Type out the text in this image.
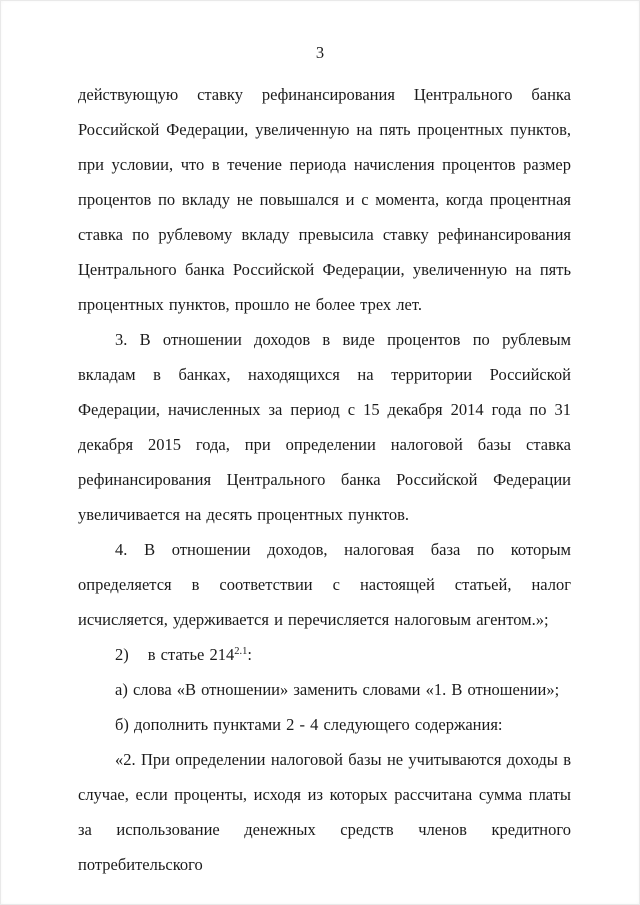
3

действующую ставку рефинансирования Центрального банка Российской Федерации, увеличенную на пять процентных пунктов, при условии, что в течение периода начисления процентов размер процентов по вкладу не повышался и с момента, когда процентная ставка по рублевому вкладу превысила ставку рефинансирования Центрального банка Российской Федерации, увеличенную на пять процентных пунктов, прошло не более трех лет.

3. В отношении доходов в виде процентов по рублевым вкладам в банках, находящихся на территории Российской Федерации, начисленных за период с 15 декабря 2014 года по 31 декабря 2015 года, при определении налоговой базы ставка рефинансирования Центрального банка Российской Федерации увеличивается на десять процентных пунктов.

4. В отношении доходов, налоговая база по которым определяется в соответствии с настоящей статьей, налог исчисляется, удерживается и перечисляется налоговым агентом.»;

2) в статье $214^{2.1}$:

а) слова «В отношении» заменить словами «1. В отношении»;

б) дополнить пунктами 2 - 4 следующего содержания:

«2. При определении налоговой базы не учитываются доходы в случае, если проценты, исходя из которых рассчитана сумма платы за использование денежных средств членов кредитного потребительского
